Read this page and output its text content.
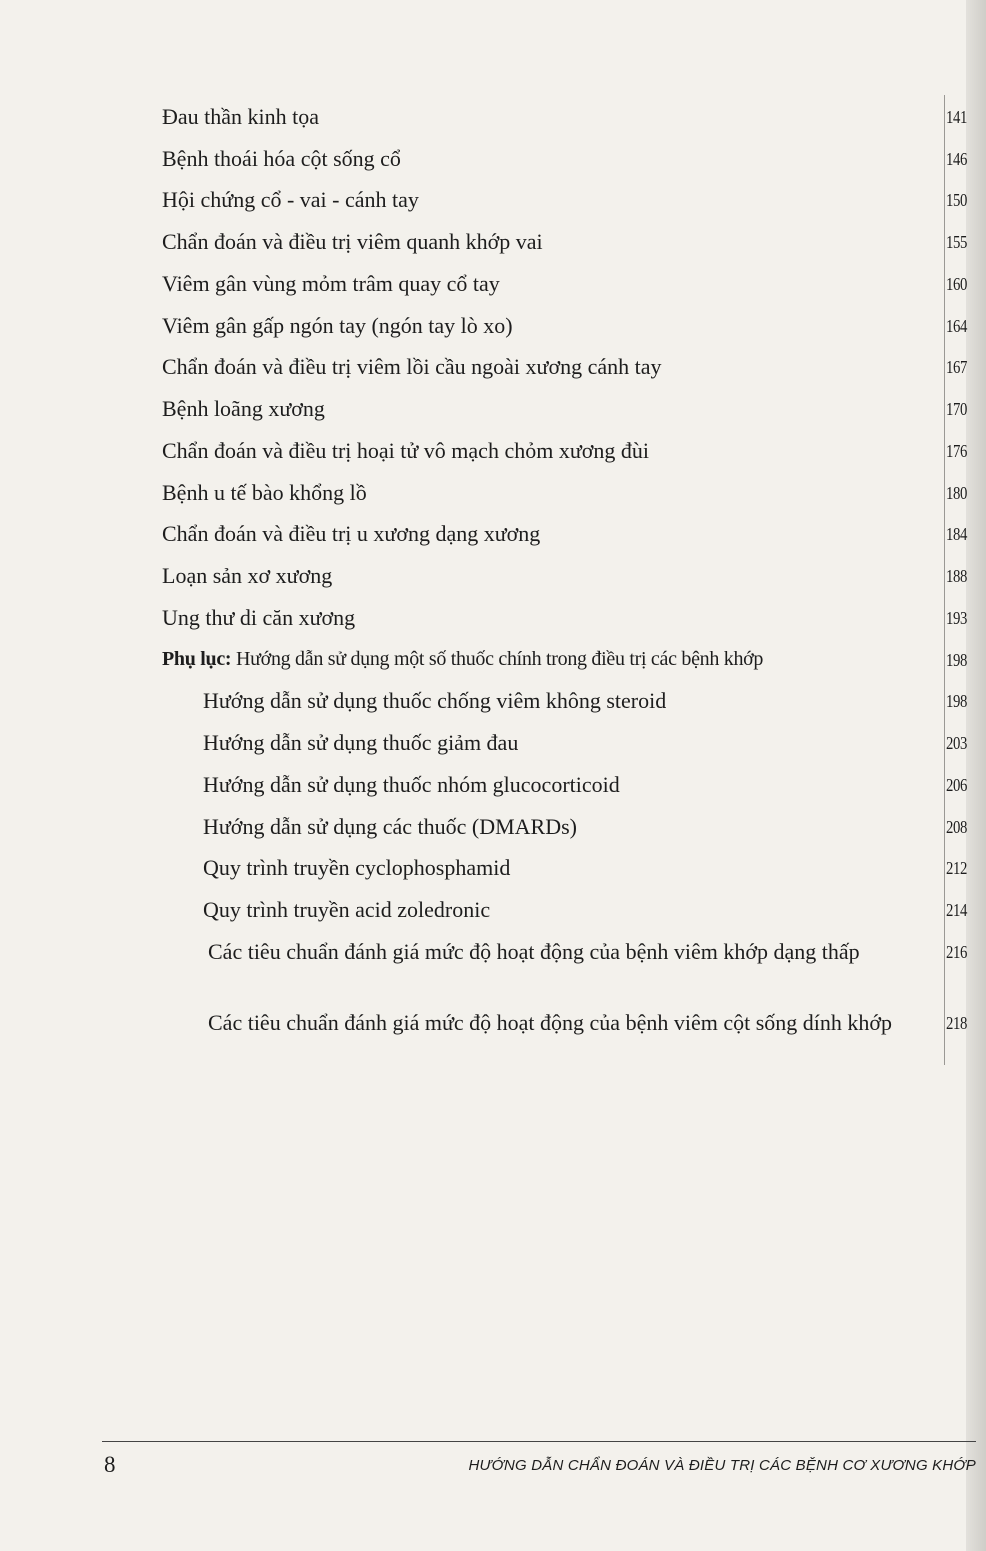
Đau thần kinh tọa	141
Bệnh thoái hóa cột sống cổ	146
Hội chứng cổ - vai - cánh tay	150
Chẩn đoán và điều trị viêm quanh khớp vai	155
Viêm gân vùng mỏm trâm quay cổ tay	160
Viêm gân gấp ngón tay (ngón tay lò xo)	164
Chẩn đoán và điều trị viêm lồi cầu ngoài xương cánh tay	167
Bệnh loãng xương	170
Chẩn đoán và điều trị hoại tử vô mạch chỏm xương đùi	176
Bệnh u tế bào khổng lồ	180
Chẩn đoán và điều trị u xương dạng xương	184
Loạn sản xơ xương	188
Ung thư di căn xương	193
Phụ lục: Hướng dẫn sử dụng một số thuốc chính trong điều trị các bệnh khớp	198
Hướng dẫn sử dụng thuốc chống viêm không steroid	198
Hướng dẫn sử dụng thuốc giảm đau	203
Hướng dẫn sử dụng thuốc nhóm glucocorticoid	206
Hướng dẫn sử dụng các thuốc (DMARDs)	208
Quy trình truyền cyclophosphamid	212
Quy trình truyền acid zoledronic	214
Các tiêu chuẩn đánh giá mức độ hoạt động của bệnh viêm khớp dạng thấp	216
Các tiêu chuẩn đánh giá mức độ hoạt động của bệnh viêm cột sống dính khớp	218
8	HƯỚNG DẪN CHẨN ĐOÁN VÀ ĐIỀU TRỊ CÁC BỆNH CƠ XƯƠNG KHỚP
